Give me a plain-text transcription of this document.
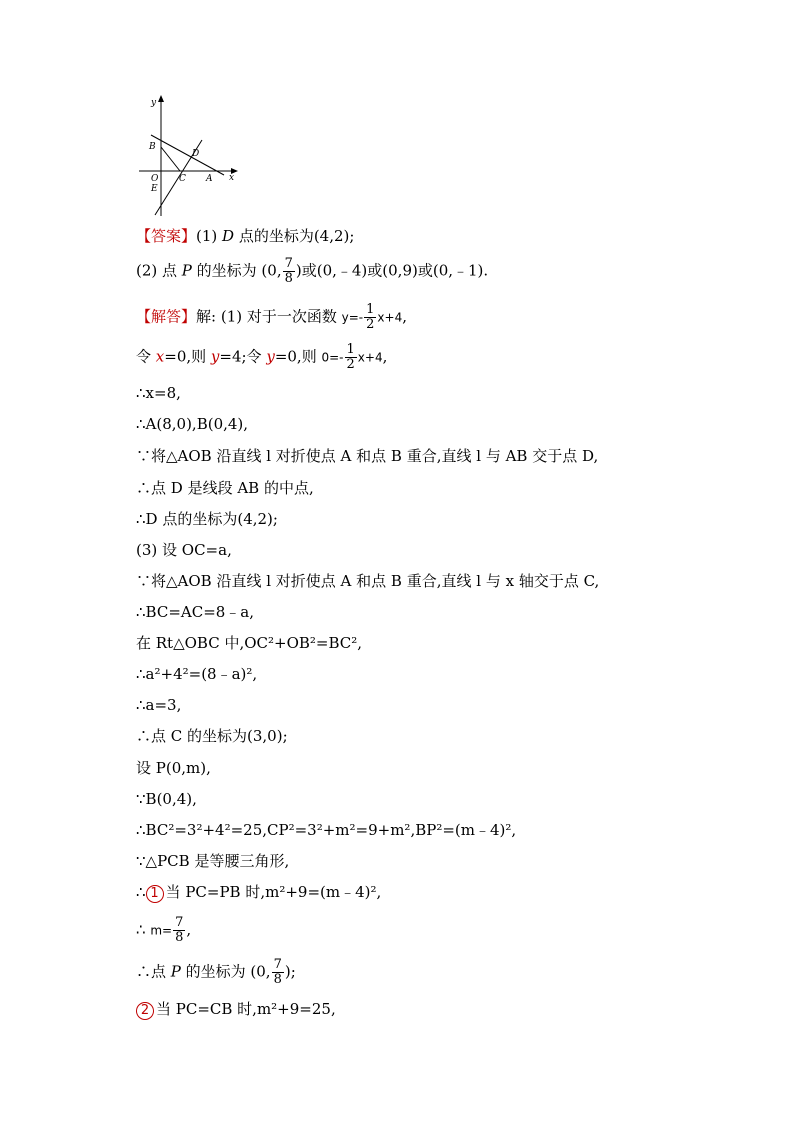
y
x
B
D
O C A
E
【答案】(1) D 点的坐标为(4,2);
(2) 点 P 的坐标为 (0, $\frac{7}{8}$ )或(0,﹣4)或(0,9)或(0,﹣1).
【解答】解: (1) 对于一次函数 $y=- \frac{1}{2} x+4$,
令 x=0,则 y=4;令 y=0,则 $0=- \frac{1}{2} x+4$,
∴x=8,
∴A(8,0),B(0,4),
∵将△AOB 沿直线 l 对折使点 A 和点 B 重合,直线 l 与 AB 交于点 D,
∴点 D 是线段 AB 的中点,
∴D 点的坐标为(4,2);
(3) 设 OC=a,
∵将△AOB 沿直线 l 对折使点 A 和点 B 重合,直线 l 与 x 轴交于点 C,
∴BC=AC=8﹣a,
在 Rt△OBC 中,OC²+OB²=BC²,
∴a²+4²=(8﹣a)²,
∴a=3,
∴点 C 的坐标为(3,0);
设 P(0,m),
∵B(0,4),
∴BC²=3²+4²=25,CP²=3²+m²=9+m²,BP²=(m﹣4)²,
∵△PCB 是等腰三角形,
∴ 1 当 PC=PB 时,m²+9=(m﹣4)²,
∴ $m= \frac{7}{8}$ ,
∴点 P 的坐标为 (0, $\frac{7}{8}$ );
2 当 PC=CB 时,m²+9=25,
